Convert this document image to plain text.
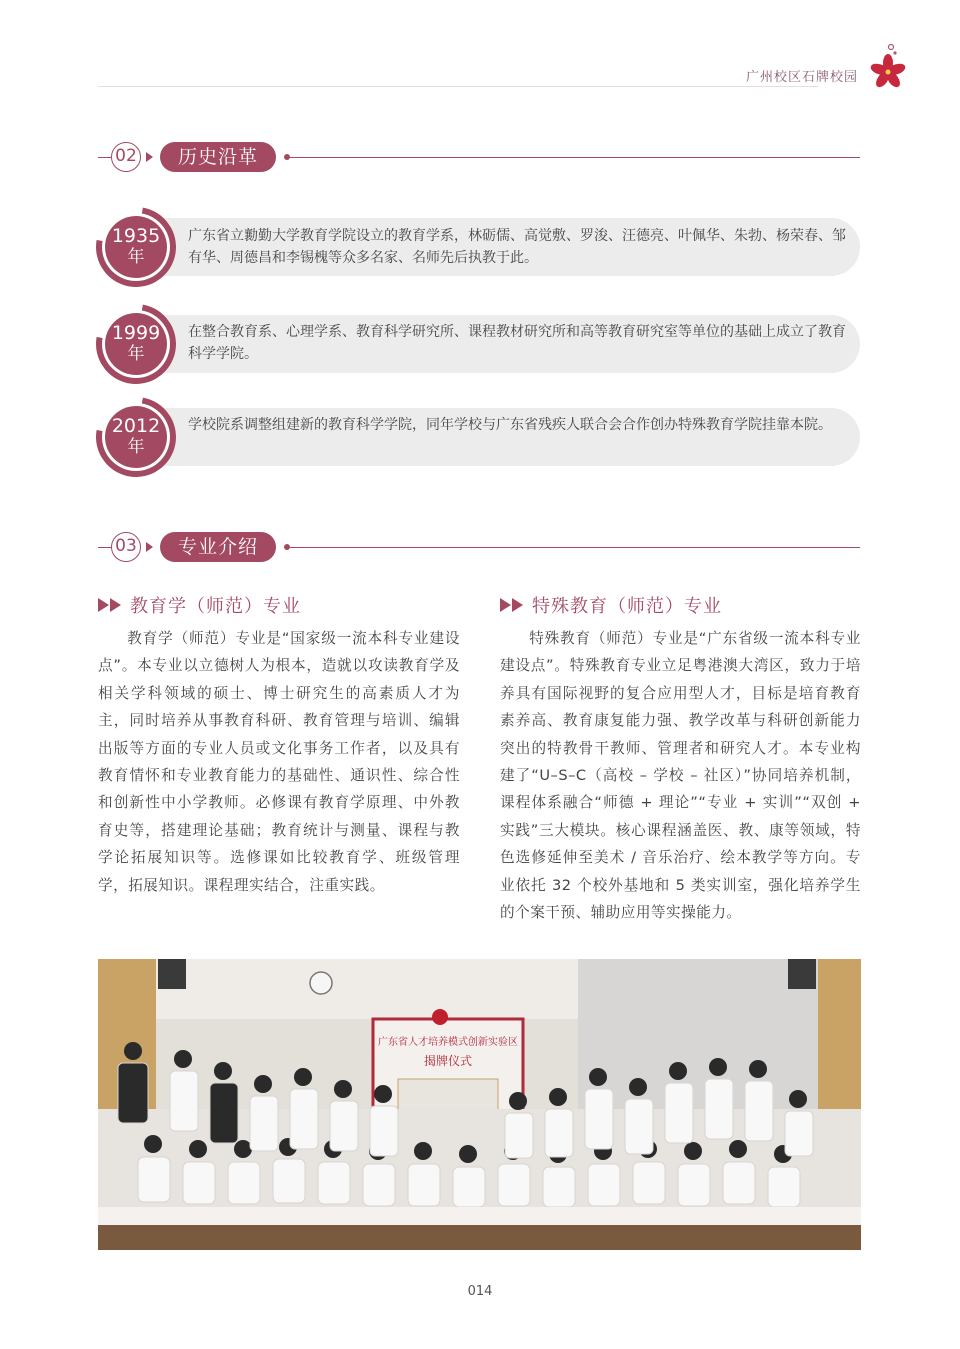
广州校区石牌校园
02	历史沿革
1935
年
广东省立勷勤大学教育学院设立的教育学系，林砺儒、高觉敷、罗浚、汪德亮、叶佩华、朱勃、杨荣春、邹有华、周德昌和李锡槐等众多名家、名师先后执教于此。
1999
年
在整合教育系、心理学系、教育科学研究所、课程教材研究所和高等教育研究室等单位的基础上成立了教育科学学院。
2012
年
学校院系调整组建新的教育科学学院，同年学校与广东省残疾人联合会合作创办特殊教育学院挂靠本院。
03	专业介绍
教育学（师范）专业

教育学（师范）专业是“国家级一流本科专业建设点”。本专业以立德树人为根本，造就以攻读教育学及相关学科领域的硕士、博士研究生的高素质人才为主，同时培养从事教育科研、教育管理与培训、编辑出版等方面的专业人员或文化事务工作者，以及具有教育情怀和专业教育能力的基础性、通识性、综合性和创新性中小学教师。必修课有教育学原理、中外教育史等，搭建理论基础；教育统计与测量、课程与教学论拓展知识等。选修课如比较教育学、班级管理学，拓展知识。课程理实结合，注重实践。

特殊教育（师范）专业

特殊教育（师范）专业是“广东省级一流本科专业建设点”。特殊教育专业立足粤港澳大湾区，致力于培养具有国际视野的复合应用型人才，目标是培育教育素养高、教育康复能力强、教学改革与科研创新能力突出的特教骨干教师、管理者和研究人才。本专业构建了“U–S–C（高校 – 学校 – 社区）”协同培养机制，课程体系融合“师德 + 理论”“专业 + 实训”“双创 + 实践”三大模块。核心课程涵盖医、教、康等领域，特色选修延伸至美术 / 音乐治疗、绘本教学等方向。专业依托 32 个校外基地和 5 类实训室，强化培养学生的个案干预、辅助应用等实操能力。

广东省人才培养模式创新实验区
揭牌仪式
014
